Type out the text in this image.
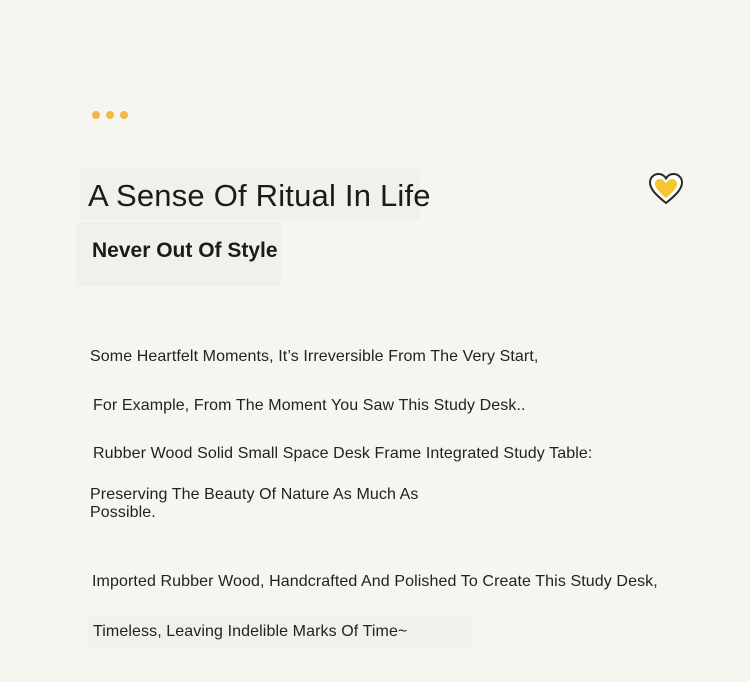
A Sense Of Ritual In Life
Never Out Of Style
Some Heartfelt Moments, It’s Irreversible From The Very Start,
For Example, From The Moment You Saw This Study Desk..
Rubber Wood Solid Small Space Desk Frame Integrated Study Table:
Preserving The Beauty Of Nature As Much As Possible.
Imported Rubber Wood, Handcrafted And Polished To Create This Study Desk,
Timeless, Leaving Indelible Marks Of Time~
